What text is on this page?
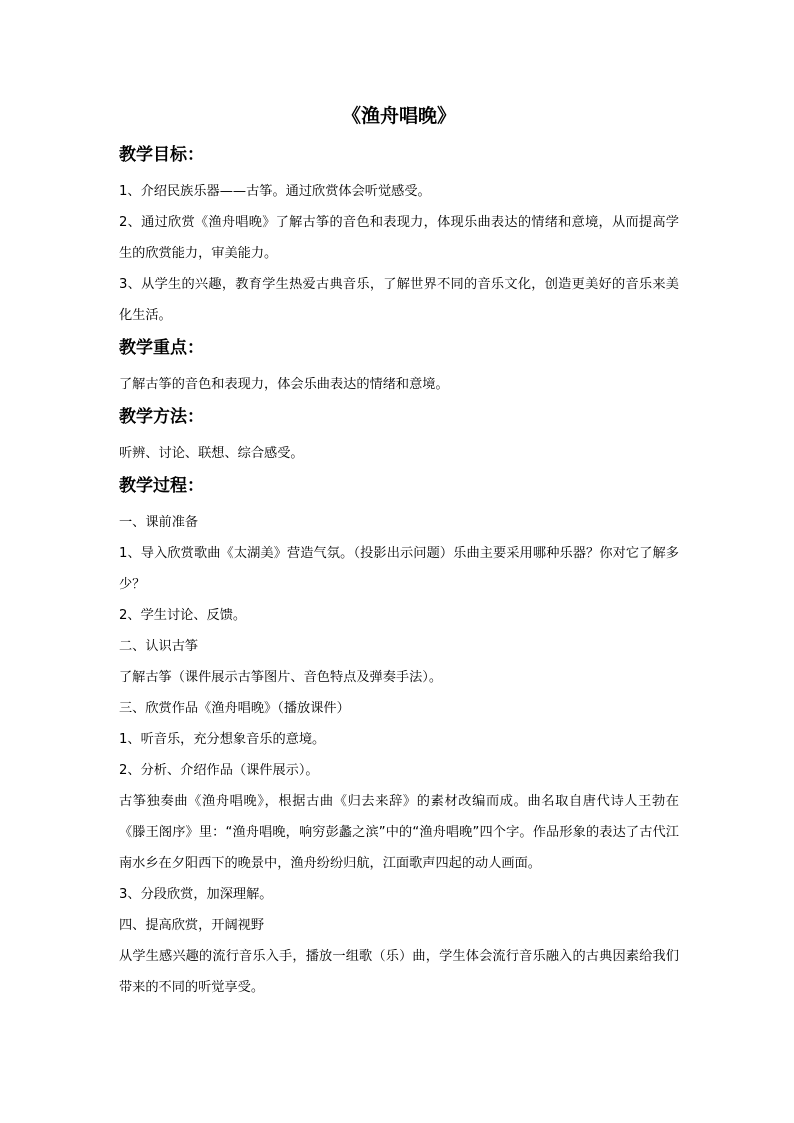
《渔舟唱晚》
教学目标：

1、介绍民族乐器——古筝。通过欣赏体会听觉感受。

2、通过欣赏《渔舟唱晚》了解古筝的音色和表现力，体现乐曲表达的情绪和意境，从而提高学生的欣赏能力，审美能力。

3、从学生的兴趣，教育学生热爱古典音乐，了解世界不同的音乐文化，创造更美好的音乐来美化生活。

教学重点：

了解古筝的音色和表现力，体会乐曲表达的情绪和意境。

教学方法：

听辨、讨论、联想、综合感受。

教学过程：

一、课前准备

1、导入欣赏歌曲《太湖美》营造气氛。（投影出示问题）乐曲主要采用哪种乐器？你对它了解多少？

2、学生讨论、反馈。

二、认识古筝

了解古筝（课件展示古筝图片、音色特点及弹奏手法）。

三、欣赏作品《渔舟唱晚》（播放课件）

1、听音乐，充分想象音乐的意境。

2、分析、介绍作品（课件展示）。

古筝独奏曲《渔舟唱晚》，根据古曲《归去来辞》的素材改编而成。曲名取自唐代诗人王勃在《滕王阁序》里：“渔舟唱晚，响穷彭蠡之滨”中的“渔舟唱晚”四个字。作品形象的表达了古代江南水乡在夕阳西下的晚景中，渔舟纷纷归航，江面歌声四起的动人画面。

3、分段欣赏，加深理解。

四、提高欣赏，开阔视野

从学生感兴趣的流行音乐入手，播放一组歌（乐）曲，学生体会流行音乐融入的古典因素给我们带来的不同的听觉享受。
